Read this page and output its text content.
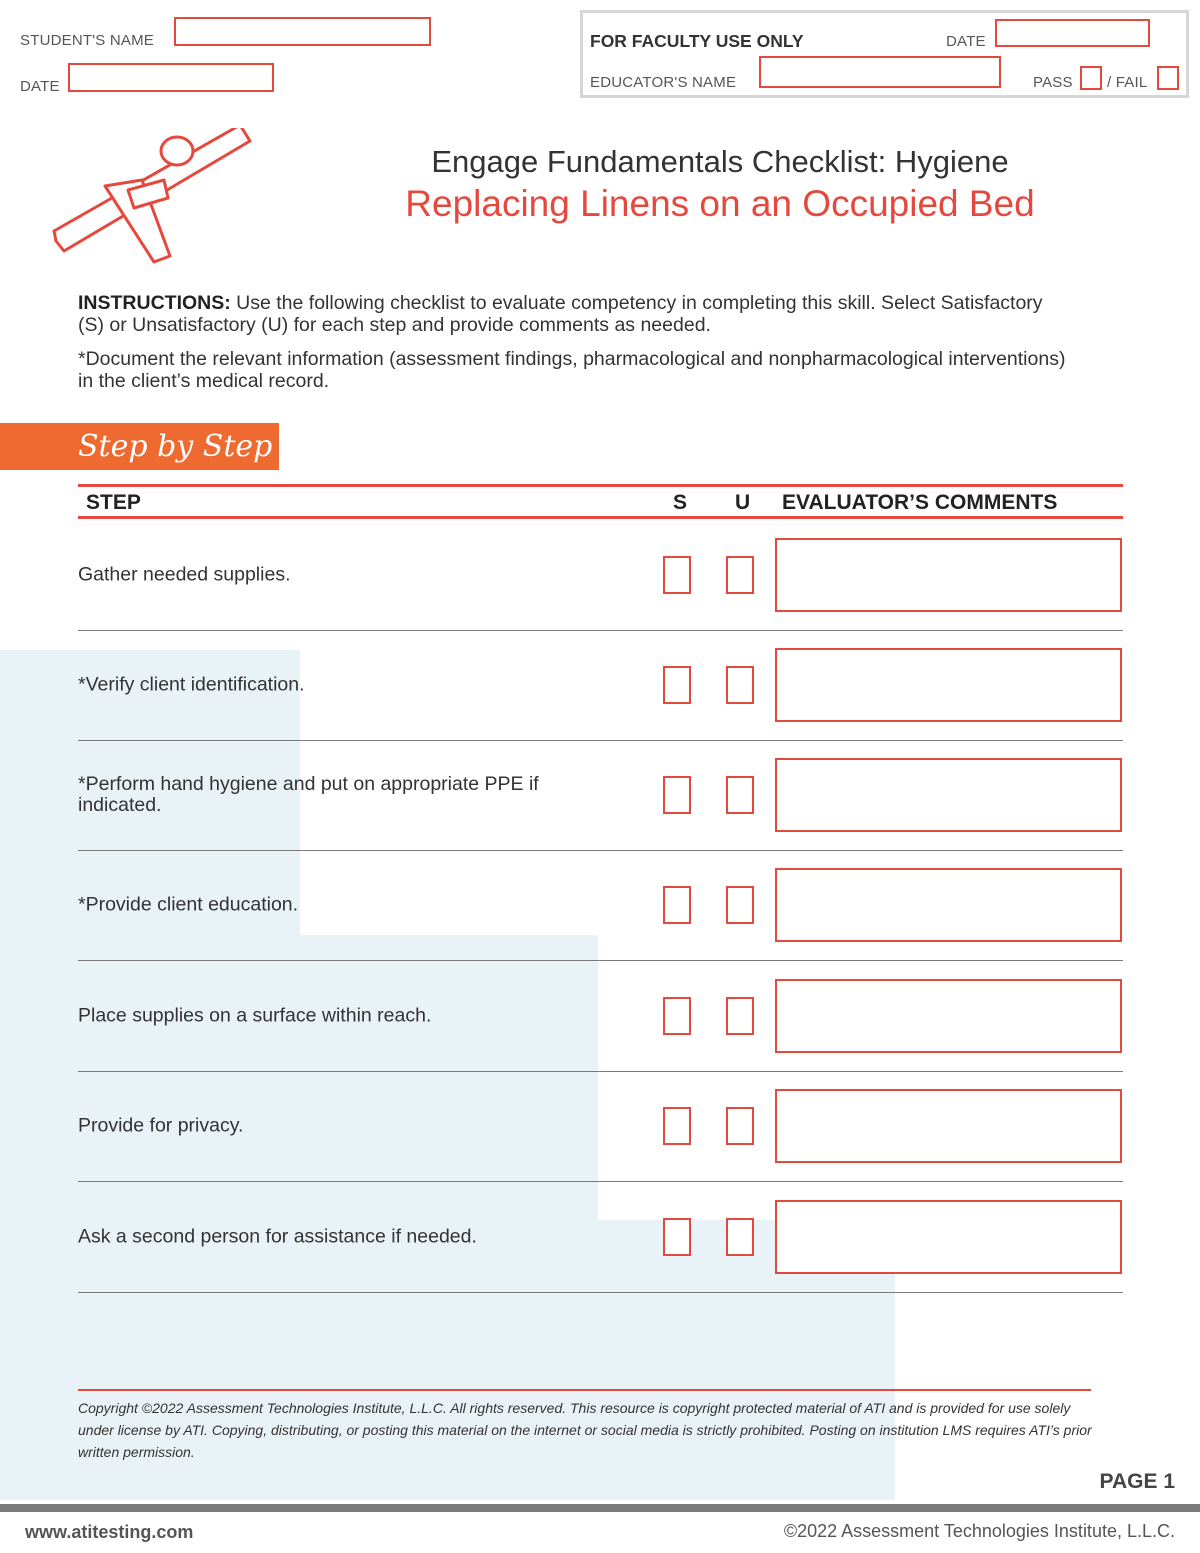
STUDENT'S NAME
DATE
FOR FACULTY USE ONLY	DATE
EDUCATOR'S NAME	PASS / FAIL
Engage Fundamentals Checklist: Hygiene
Replacing Linens on an Occupied Bed

INSTRUCTIONS: Use the following checklist to evaluate competency in completing this skill. Select Satisfactory (S) or Unsatisfactory (U) for each step and provide comments as needed.

*Document the relevant information (assessment findings, pharmacological and nonpharmacological interventions) in the client’s medical record.

Step by Step
STEP	S U EVALUATOR’S COMMENTS
Gather needed supplies.
*Verify client identification.
*Perform hand hygiene and put on appropriate PPE if indicated.
*Provide client education.
Place supplies on a surface within reach.
Provide for privacy.
Ask a second person for assistance if needed.
Copyright ©2022 Assessment Technologies Institute, L.L.C. All rights reserved. This resource is copyright protected material of ATI and is provided for use solely under license by ATI. Copying, distributing, or posting this material on the internet or social media is strictly prohibited. Posting on institution LMS requires ATI’s prior written permission.
PAGE 1
www.atitesting.com	©2022 Assessment Technologies Institute, L.L.C.
